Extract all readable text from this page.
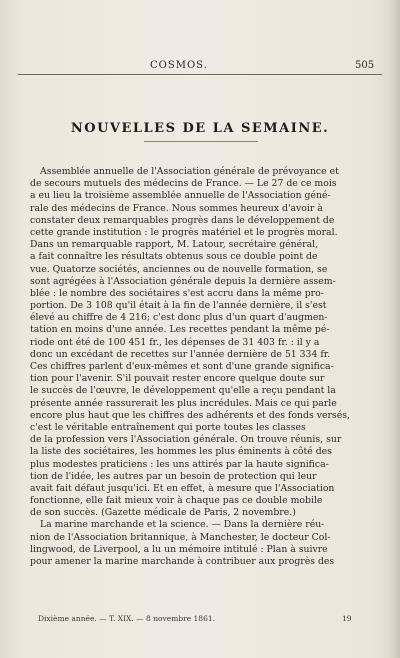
COSMOS.	505
NOUVELLES DE LA SEMAINE.
Assemblée annuelle de l'Association générale de prévoyance et
de secours mutuels des médecins de France. — Le 27 de ce mois
a eu lieu la troisième assemblée annuelle de l'Association géné-
rale des médecins de France. Nous sommes heureux d'avoir à
constater deux remarquables progrès dans le développement de
cette grande institution : le progrès matériel et le progrès moral.
Dans un remarquable rapport, M. Latour, secrétaire général,
a fait connaître les résultats obtenus sous ce double point de
vue. Quatorze sociétés, anciennes ou de nouvelle formation, se
sont agrégées à l'Association générale depuis la dernière assem-
blée : le nombre des sociétaires s'est accru dans la même pro-
portion. De 3 108 qu'il était à la fin de l'année dernière, il s'est
élevé au chiffre de 4 216; c'est donc plus d'un quart d'augmen-
tation en moins d'une année. Les recettes pendant la même pé-
riode ont été de 100 451 fr., les dépenses de 31 403 fr. : il y a
donc un excédant de recettes sur l'année dernière de 51 334 fr.
Ces chiffres parlent d'eux-mêmes et sont d'une grande significa-
tion pour l'avenir. S'il pouvait rester encore quelque doute sur
le succès de l'œuvre, le développement qu'elle a reçu pendant la
présente année rassurerait les plus incrédules. Mais ce qui parle
encore plus haut que les chiffres des adhérents et des fonds versés,
c'est le véritable entraînement qui porte toutes les classes
de la profession vers l'Association générale. On trouve réunis, sur
la liste des sociétaires, les hommes les plus éminents à côté des
plus modestes praticiens : les uns attirés par la haute significa-
tion de l'idée, les autres par un besoin de protection qui leur
avait fait défaut jusqu'ici. Et en effet, à mesure que l'Association
fonctionne, elle fait mieux voir à chaque pas ce double mobile
de son succès. (Gazette médicale de Paris, 2 novembre.)
La marine marchande et la science. — Dans la dernière réu-
nion de l'Association britannique, à Manchester, le docteur Col-
lingwood, de Liverpool, a lu un mémoire intitulé : Plan à suivre
pour amener la marine marchande à contribuer aux progrès des
Dixième année. — T. XIX. — 8 novembre 1861.	19
